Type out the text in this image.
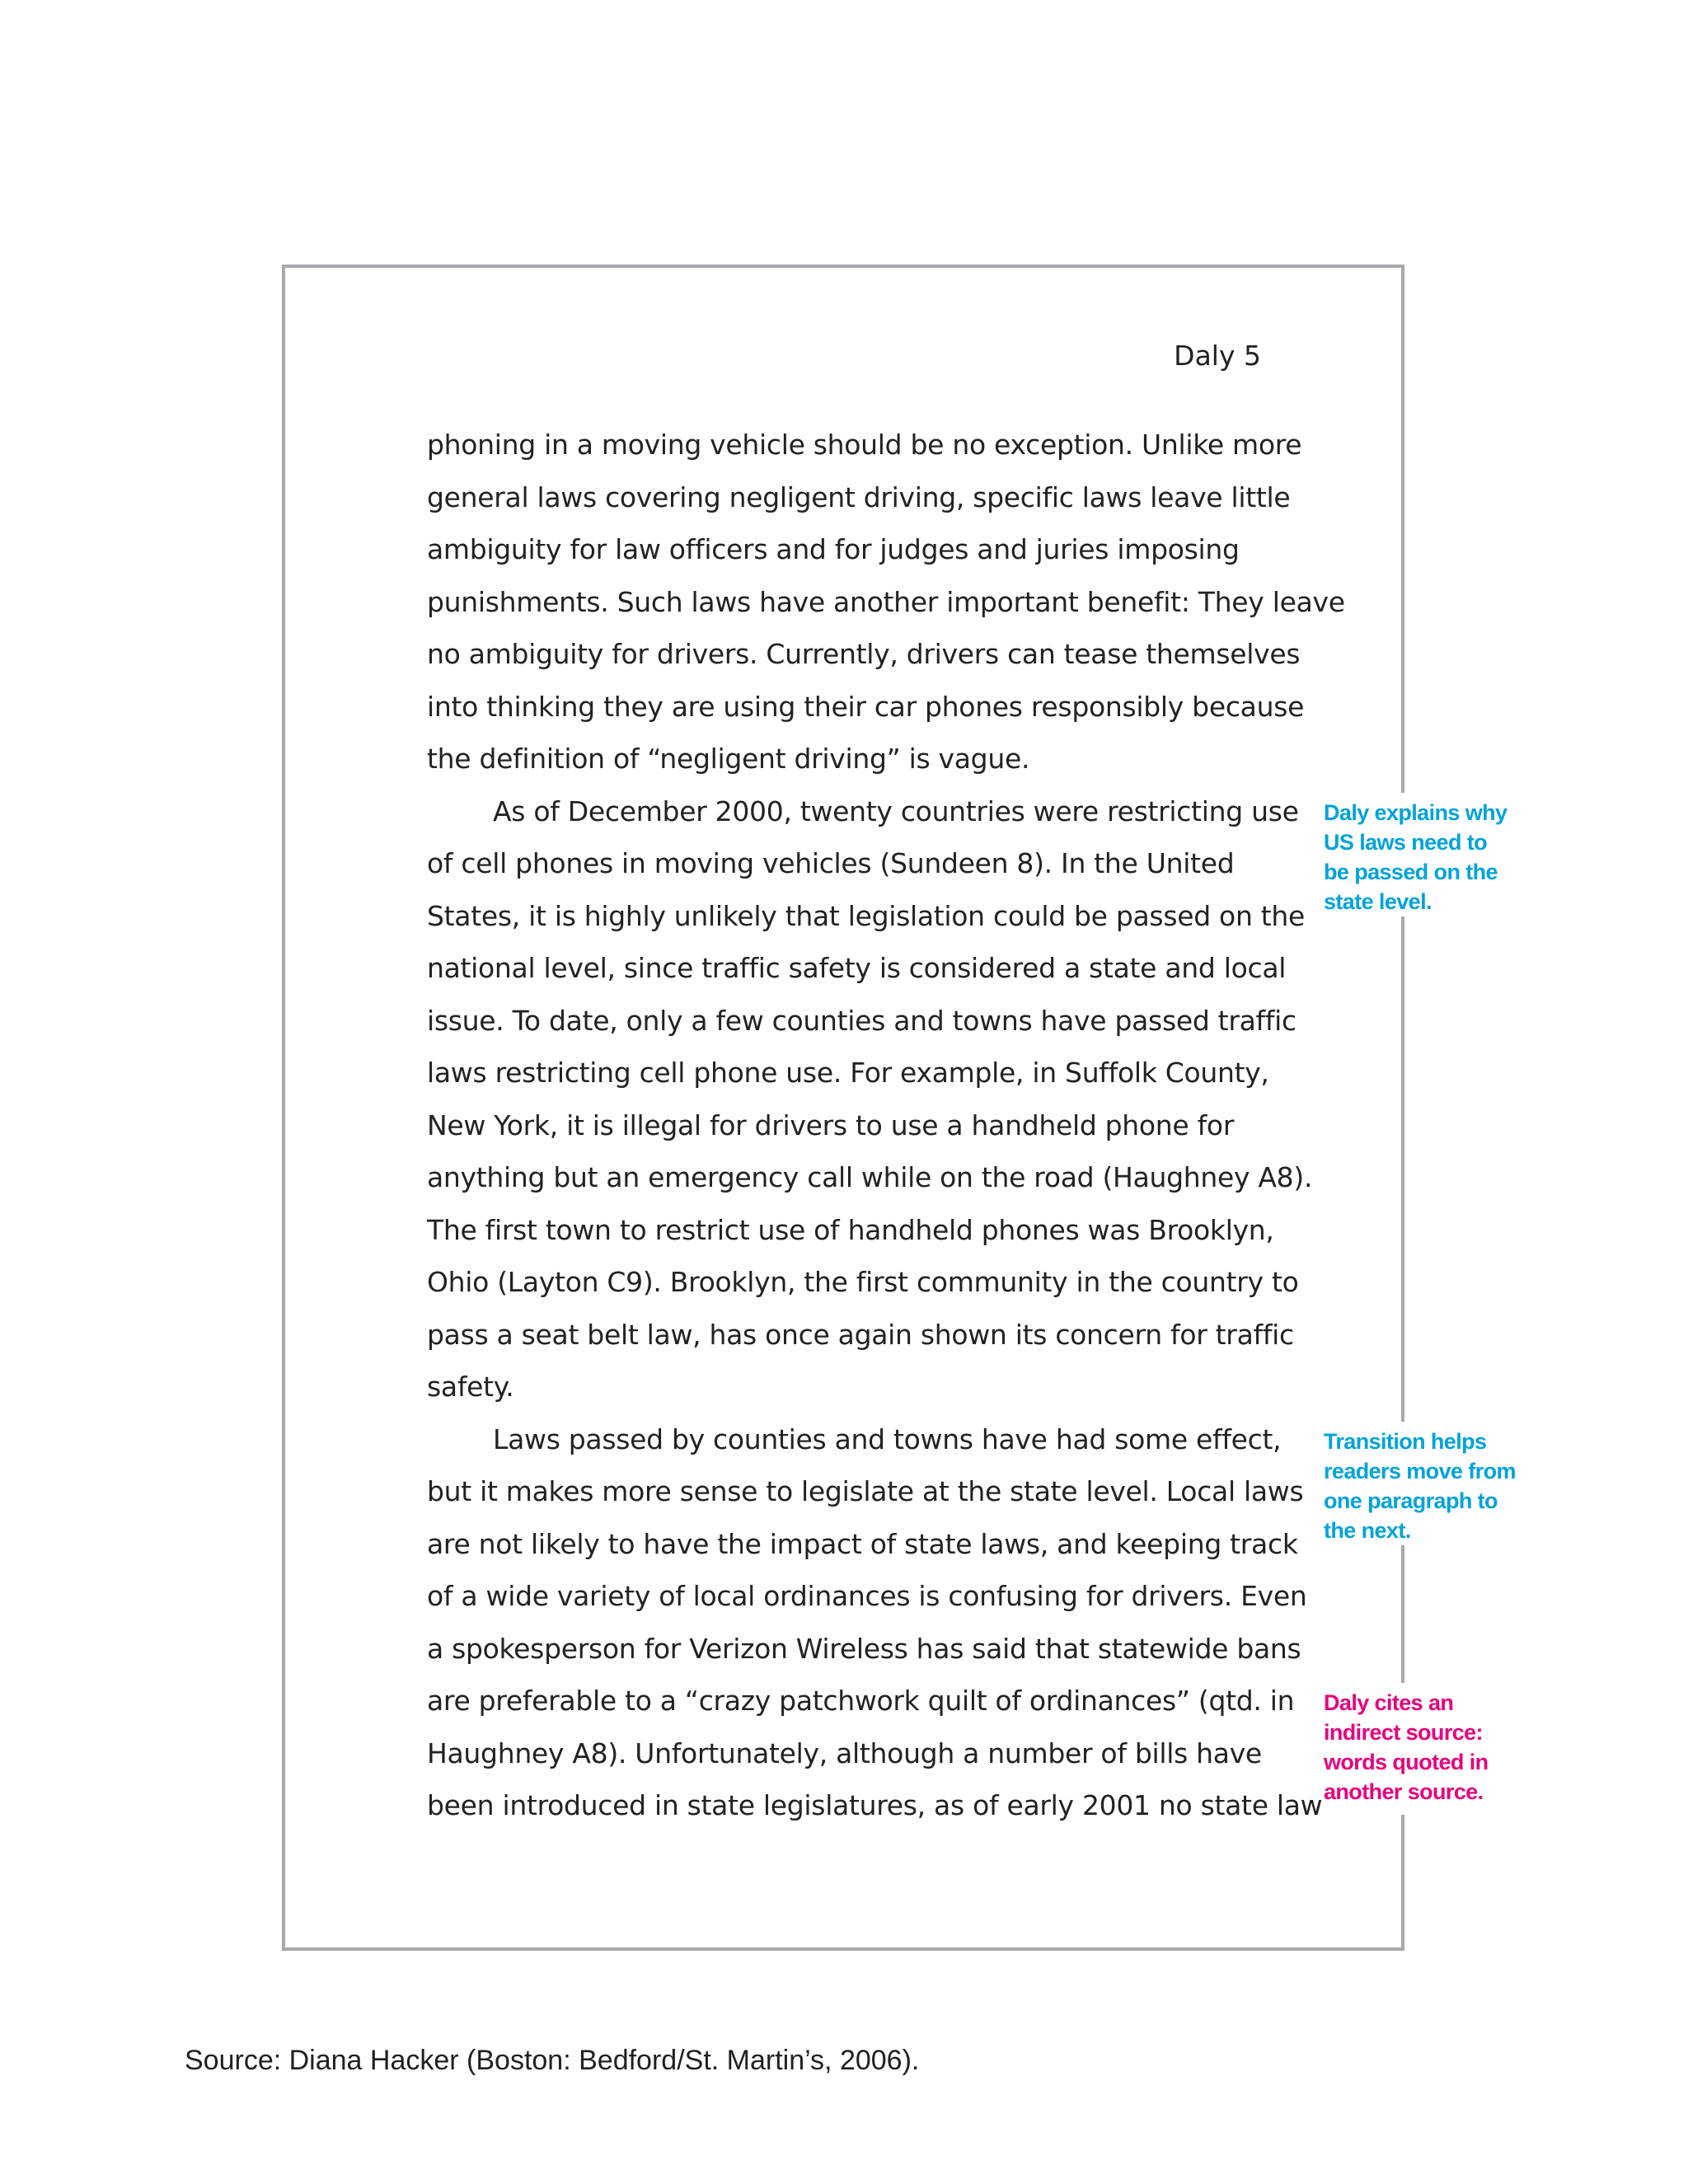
Daly 5
phoning in a moving vehicle should be no exception. Unlike more
general laws covering negligent driving, specific laws leave little
ambiguity for law officers and for judges and juries imposing
punishments. Such laws have another important benefit: They leave
no ambiguity for drivers. Currently, drivers can tease themselves
into thinking they are using their car phones responsibly because
the definition of “negligent driving” is vague.
As of December 2000, twenty countries were restricting use
of cell phones in moving vehicles (Sundeen 8). In the United
States, it is highly unlikely that legislation could be passed on the
national level, since traffic safety is considered a state and local
issue. To date, only a few counties and towns have passed traffic
laws restricting cell phone use. For example, in Suffolk County,
New York, it is illegal for drivers to use a handheld phone for
anything but an emergency call while on the road (Haughney A8).
The first town to restrict use of handheld phones was Brooklyn,
Ohio (Layton C9). Brooklyn, the first community in the country to
pass a seat belt law, has once again shown its concern for traffic
safety.
Laws passed by counties and towns have had some effect,
but it makes more sense to legislate at the state level. Local laws
are not likely to have the impact of state laws, and keeping track
of a wide variety of local ordinances is confusing for drivers. Even
a spokesperson for Verizon Wireless has said that statewide bans
are preferable to a “crazy patchwork quilt of ordinances” (qtd. in
Haughney A8). Unfortunately, although a number of bills have
been introduced in state legislatures, as of early 2001 no state law
Daly explains why
US laws need to
be passed on the
state level.
Transition helps
readers move from
one paragraph to
the next.
Daly cites an
indirect source:
words quoted in
another source.
Source: Diana Hacker (Boston: Bedford/St. Martin’s, 2006).
